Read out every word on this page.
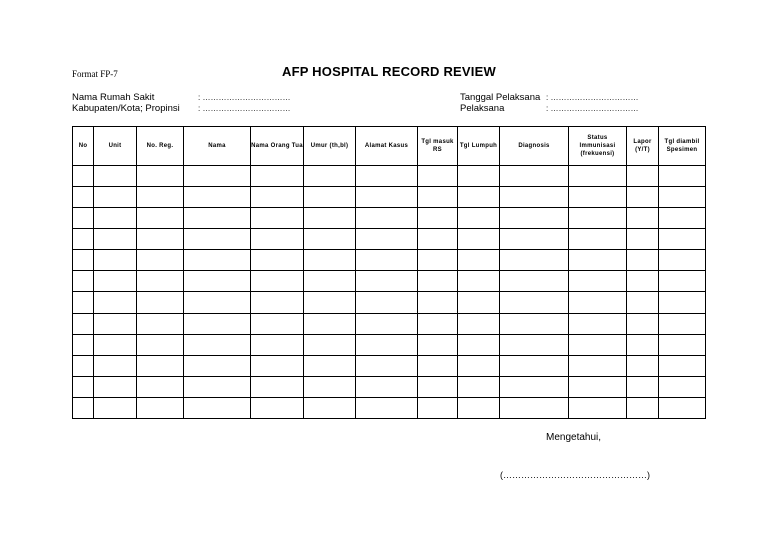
Format FP-7	AFP HOSPITAL RECORD REVIEW
Nama Rumah Sakit	: ……………………………
Kabupaten/Kota; Propinsi : ……………………………
Tanggal Pelaksana : ……………………………
Pelaksana	: ……………………………
No	Unit	No. Reg.	Nama	Nama Orang Tua	Umur (th,bl)	Alamat Kasus	Tgl masuk RS	Tgl Lumpuh	Diagnosis	Status Immunisasi (frekuensi)	Lapor (Y/T)	Tgl diambil Spesimen

Mengetahui,
(…………………………………………)
